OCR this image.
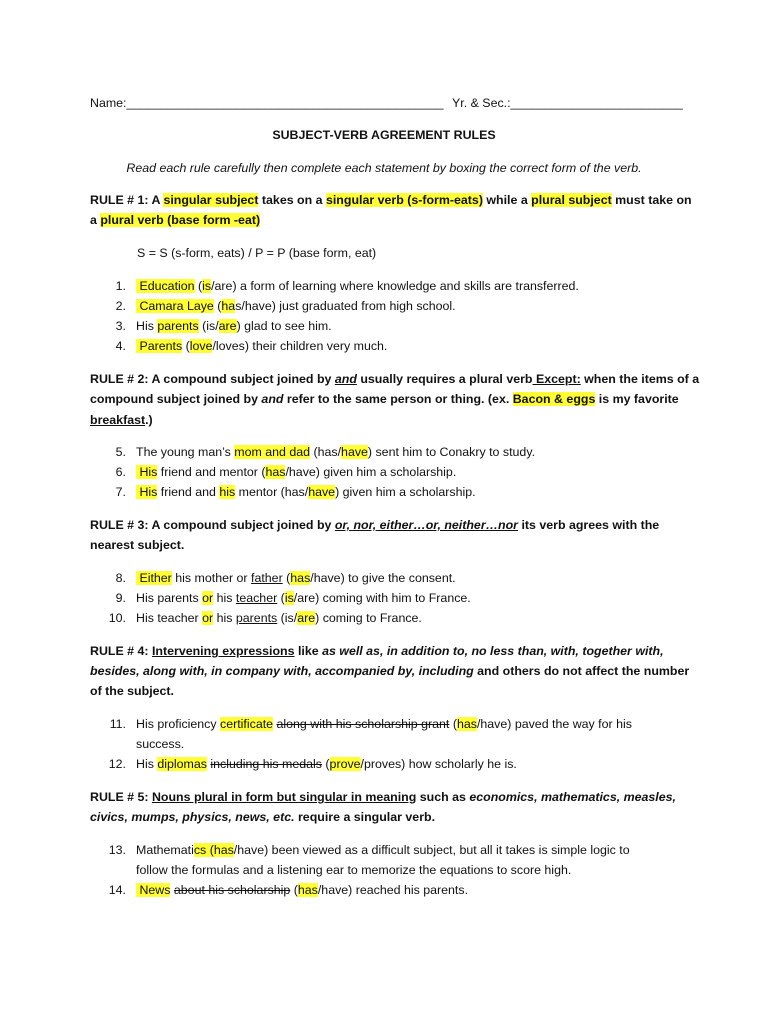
Name:______________________________________________ Yr. & Sec.:_________________________
SUBJECT-VERB AGREEMENT RULES
Read each rule carefully then complete each statement by boxing the correct form of the verb.
RULE # 1: A singular subject takes on a singular verb (s-form-eats) while a plural subject must take on
a plural verb (base form -eat)
S = S (s-form, eats) / P = P (base form, eat)
1. Education (is/are) a form of learning where knowledge and skills are transferred.
2. Camara Laye (has/have) just graduated from high school.
3. His parents (is/are) glad to see him.
4. Parents (love/loves) their children very much.
RULE # 2: A compound subject joined by and usually requires a plural verb Except: when the items of a
compound subject joined by and refer to the same person or thing. (ex. Bacon & eggs is my favorite
breakfast.)
5. The young man’s mom and dad (has/have) sent him to Conakry to study.
6. His friend and mentor (has/have) given him a scholarship.
7. His friend and his mentor (has/have) given him a scholarship.
RULE # 3: A compound subject joined by or, nor, either…or, neither…nor its verb agrees with the
nearest subject.
8. Either his mother or father (has/have) to give the consent.
9. His parents or his teacher (is/are) coming with him to France.
10. His teacher or his parents (is/are) coming to France.
RULE # 4: Intervening expressions like as well as, in addition to, no less than, with, together with,
besides, along with, in company with, accompanied by, including and others do not affect the number
of the subject.
11. His proficiency certificate along with his scholarship grant (has/have) paved the way for his
success.
12. His diplomas including his medals (prove/proves) how scholarly he is.
RULE # 5: Nouns plural in form but singular in meaning such as economics, mathematics, measles,
civics, mumps, physics, news, etc. require a singular verb.
13. Mathematics (has/have) been viewed as a difficult subject, but all it takes is simple logic to
follow the formulas and a listening ear to memorize the equations to score high.
14. News about his scholarship (has/have) reached his parents.
